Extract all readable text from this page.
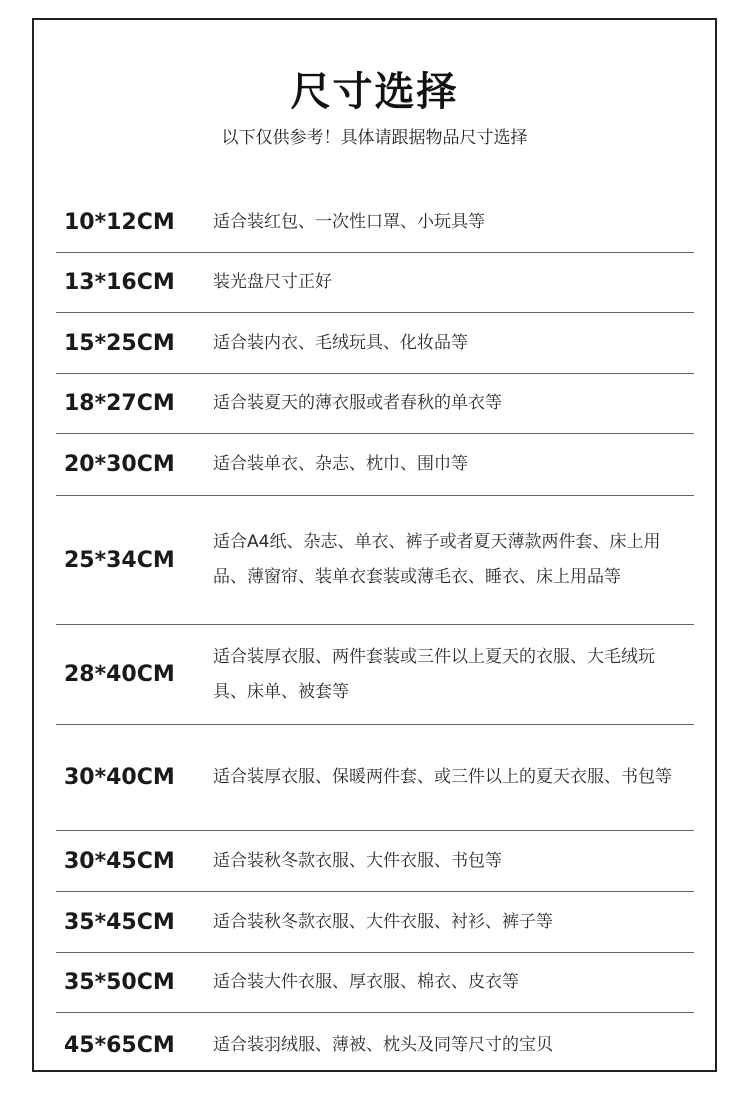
尺寸选择
以下仅供参考！具体请跟据物品尺寸选择
10*12CM 适合装红包、一次性口罩、小玩具等
13*16CM 装光盘尺寸正好
15*25CM 适合装内衣、毛绒玩具、化妆品等
18*27CM 适合装夏天的薄衣服或者春秋的单衣等
20*30CM 适合装单衣、杂志、枕巾、围巾等
25*34CM
适合A4纸、杂志、单衣、裤子或者夏天薄款两件套、床上用品、薄窗帘、装单衣套装或薄毛衣、睡衣、床上用品等
28*40CM
适合装厚衣服、两件套装或三件以上夏天的衣服、大毛绒玩具、床单、被套等
30*40CM 适合装厚衣服、保暖两件套、或三件以上的夏天衣服、书包等
30*45CM 适合装秋冬款衣服、大件衣服、书包等
35*45CM 适合装秋冬款衣服、大件衣服、衬衫、裤子等
35*50CM 适合装大件衣服、厚衣服、棉衣、皮衣等
45*65CM 适合装羽绒服、薄被、枕头及同等尺寸的宝贝
